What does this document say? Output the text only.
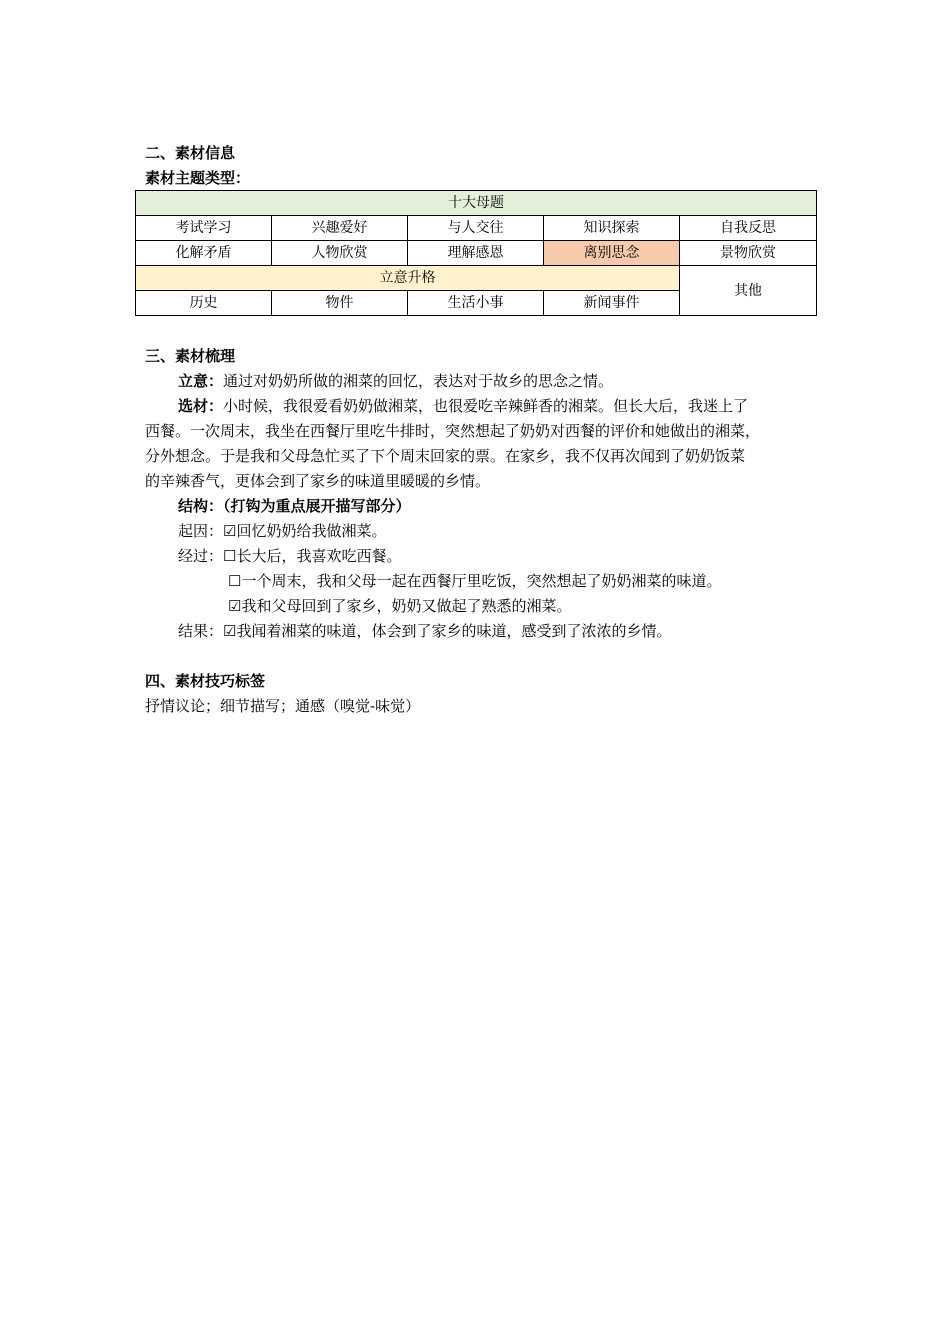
二、素材信息
素材主题类型：
十大母题				
考试学习	兴趣爱好	与人交往	知识探索	自我反思
化解矛盾	人物欣赏	理解感恩	离别思念	景物欣赏
立意升格				其他
历史	物件	生活小事	新闻事件	
三、素材梳理
立意：通过对奶奶所做的湘菜的回忆，表达对于故乡的思念之情。
选材：小时候，我很爱看奶奶做湘菜，也很爱吃辛辣鲜香的湘菜。但长大后，我迷上了
西餐。一次周末，我坐在西餐厅里吃牛排时，突然想起了奶奶对西餐的评价和她做出的湘菜，
分外想念。于是我和父母急忙买了下个周末回家的票。在家乡，我不仅再次闻到了奶奶饭菜
的辛辣香气，更体会到了家乡的味道里暖暖的乡情。
结构：（打钩为重点展开描写部分）
起因：☑回忆奶奶给我做湘菜。
经过：☐长大后，我喜欢吃西餐。
☐一个周末，我和父母一起在西餐厅里吃饭，突然想起了奶奶湘菜的味道。
☑我和父母回到了家乡，奶奶又做起了熟悉的湘菜。
结果：☑我闻着湘菜的味道，体会到了家乡的味道，感受到了浓浓的乡情。
四、素材技巧标签
抒情议论；细节描写；通感（嗅觉-味觉）
